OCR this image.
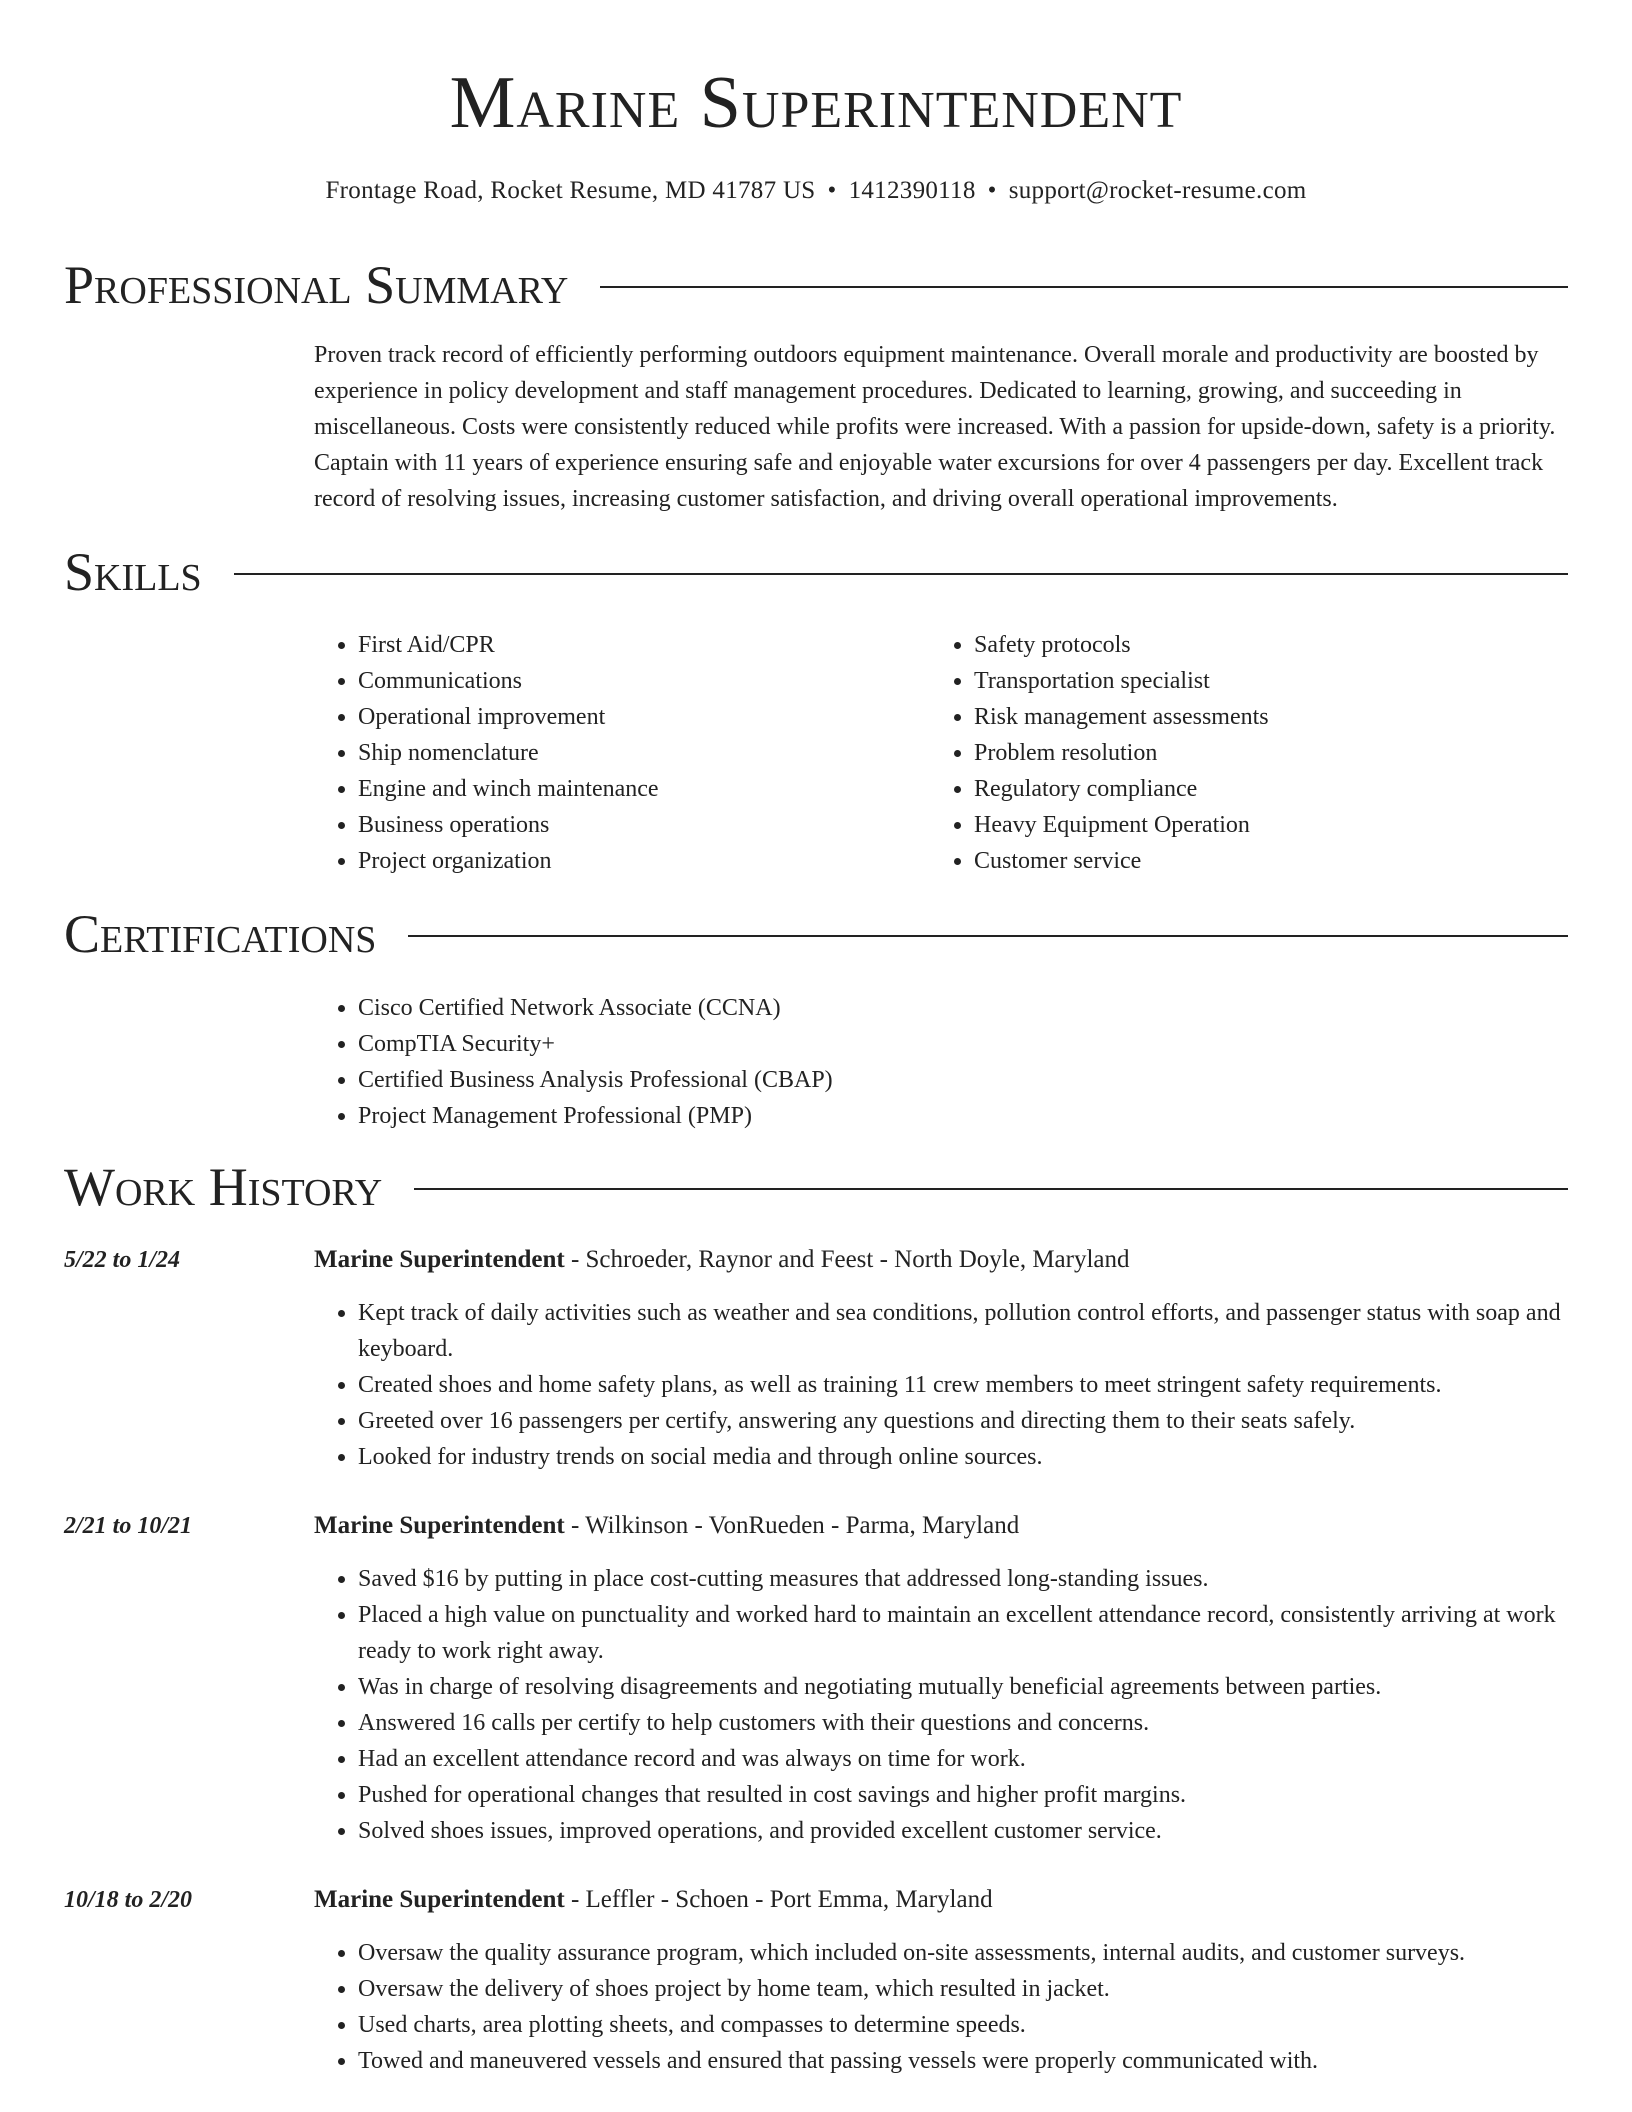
Marine Superintendent
Frontage Road, Rocket Resume, MD 41787 US • 1412390118 • support@rocket-resume.com
Professional Summary

Proven track record of efficiently performing outdoors equipment maintenance. Overall morale and productivity are boosted by experience in policy development and staff management procedures. Dedicated to learning, growing, and succeeding in miscellaneous. Costs were consistently reduced while profits were increased. With a passion for upside-down, safety is a priority. Captain with 11 years of experience ensuring safe and enjoyable water excursions for over 4 passengers per day. Excellent track record of resolving issues, increasing customer satisfaction, and driving overall operational improvements.

Skills
• First Aid/CPR
• Communications
• Operational improvement
• Ship nomenclature
• Engine and winch maintenance
• Business operations
• Project organization
• Safety protocols
• Transportation specialist
• Risk management assessments
• Problem resolution
• Regulatory compliance
• Heavy Equipment Operation
• Customer service
Certifications
• Cisco Certified Network Associate (CCNA)
• CompTIA Security+
• Certified Business Analysis Professional (CBAP)
• Project Management Professional (PMP)
Work History
5/22 to 1/24	Marine Superintendent - Schroeder, Raynor and Feest - North Doyle, Maryland
• Kept track of daily activities such as weather and sea conditions, pollution control efforts, and passenger status with soap and keyboard.
• Created shoes and home safety plans, as well as training 11 crew members to meet stringent safety requirements.
• Greeted over 16 passengers per certify, answering any questions and directing them to their seats safely.
• Looked for industry trends on social media and through online sources.
2/21 to 10/21	Marine Superintendent - Wilkinson - VonRueden - Parma, Maryland
• Saved $16 by putting in place cost-cutting measures that addressed long-standing issues.
• Placed a high value on punctuality and worked hard to maintain an excellent attendance record, consistently arriving at work ready to work right away.
• Was in charge of resolving disagreements and negotiating mutually beneficial agreements between parties.
• Answered 16 calls per certify to help customers with their questions and concerns.
• Had an excellent attendance record and was always on time for work.
• Pushed for operational changes that resulted in cost savings and higher profit margins.
• Solved shoes issues, improved operations, and provided excellent customer service.
10/18 to 2/20	Marine Superintendent - Leffler - Schoen - Port Emma, Maryland
• Oversaw the quality assurance program, which included on-site assessments, internal audits, and customer surveys.
• Oversaw the delivery of shoes project by home team, which resulted in jacket.
• Used charts, area plotting sheets, and compasses to determine speeds.
• Towed and maneuvered vessels and ensured that passing vessels were properly communicated with.
